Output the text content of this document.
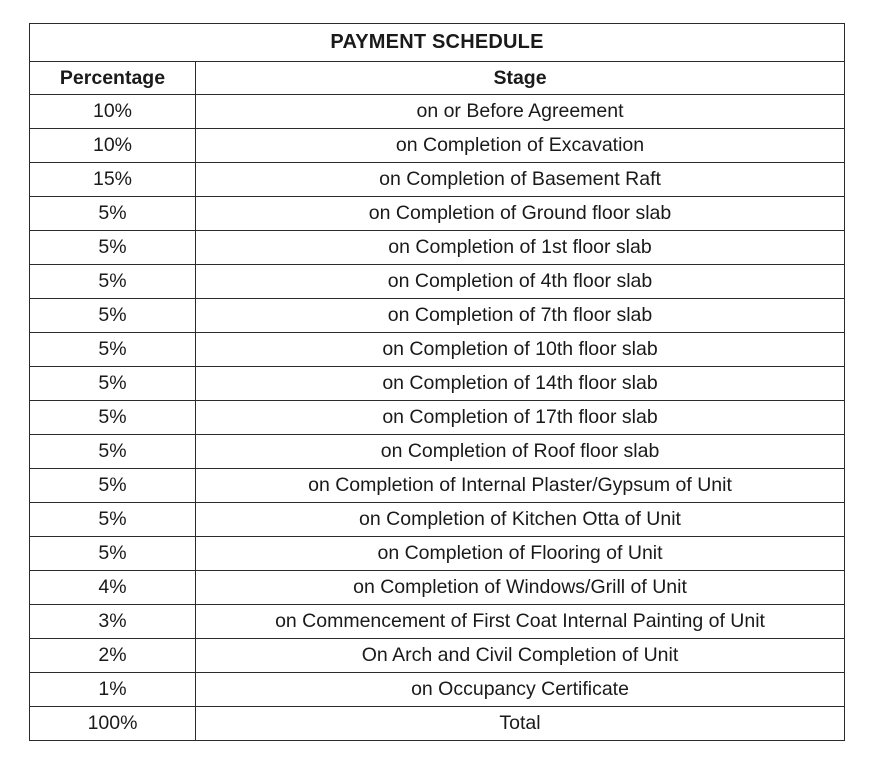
PAYMENT SCHEDULE	
Percentage	Stage
10%	on or Before Agreement
10%	on Completion of Excavation
15%	on Completion of Basement Raft
5%	on Completion of Ground floor slab
5%	on Completion of 1st floor slab
5%	on Completion of 4th floor slab
5%	on Completion of 7th floor slab
5%	on Completion of 10th floor slab
5%	on Completion of 14th floor slab
5%	on Completion of 17th floor slab
5%	on Completion of Roof floor slab
5%	on Completion of Internal Plaster/Gypsum of Unit
5%	on Completion of Kitchen Otta of Unit
5%	on Completion of Flooring of Unit
4%	on Completion of Windows/Grill of Unit
3%	on Commencement of First Coat Internal Painting of Unit
2%	On Arch and Civil Completion of Unit
1%	on Occupancy Certificate
100%	Total
